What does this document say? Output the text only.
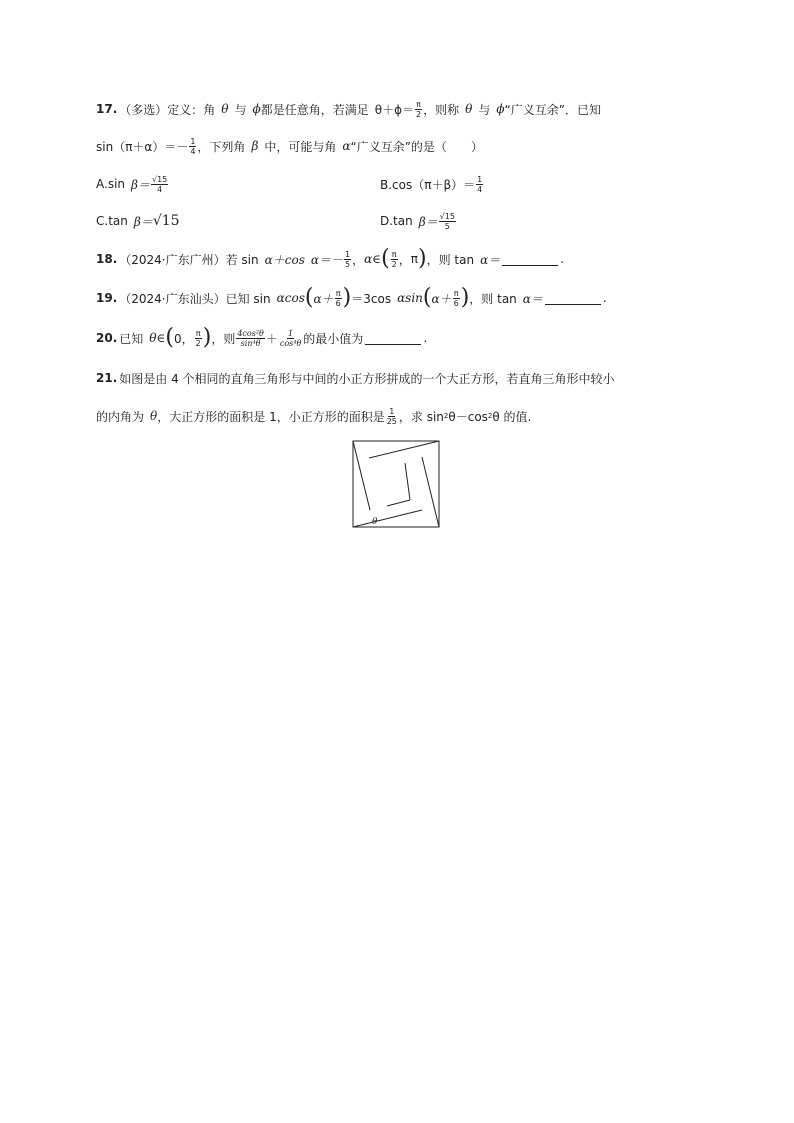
17. （多选）定义：角 θ 与 ϕ 都是任意角，若满足 $\theta+\phi= \frac{\pi}{2}$ ，则称 θ 与 ϕ “广义互余”．已知
$\sin(\pi+\alpha)=- \frac{1}{4}$ ，下列角 β 中，可能与角 α “广义互余”的是（ ）
A.sin $\beta= \frac{√15}{4}$	$B.\cos(\pi+\beta)= \frac{1}{4}$
C.tan β＝ √15	D.tan $\beta= \frac{√15}{5}$
18. （2024·广东广州）若 sin α＋cos $\alpha=- \frac{1}{5}$ ， α∈ ( $\frac{\pi}{2}$ ， π ) ，则 tan α＝	.
19. （2024·广东汕头）已知 sin αcos ( $\alpha+ \frac{\pi}{6}$ ) ＝3cos αsin ( $\alpha+ \frac{\pi}{6}$ ) ，则 tan α＝	.
20. 已知 θ∈ ( 0， $\frac{\pi}{2}$ ) ，则 $\frac{\text{4cos²θ}}{\text{sin⁴θ}} + \frac{1}{\text{cos⁴θ}}$ 的最小值为	.
21. 如图是由 4 个相同的直角三角形与中间的小正方形拼成的一个大正方形，若直角三角形中较小
的内角为 θ ，大正方形的面积是 1，小正方形的面积是 $\frac{1}{25}$ ，求 sin 2 θ－cos 2 θ 的值.
θ
